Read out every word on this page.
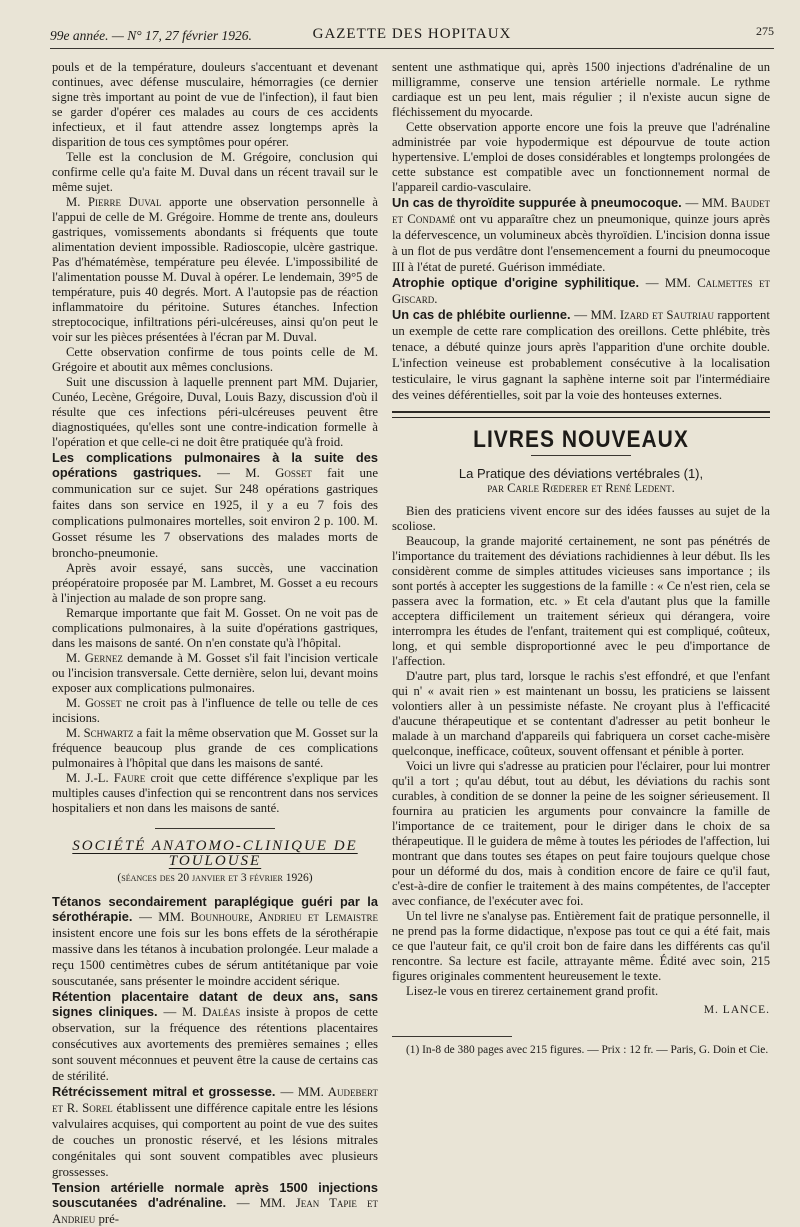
99e année. — N° 17, 27 février 1926.	GAZETTE DES HOPITAUX	275

pouls et de la température, douleurs s'accentuant et devenant continues, avec défense musculaire, hémorragies (ce dernier signe très important au point de vue de l'infection), il faut bien se garder d'opérer ces malades au cours de ces accidents infectieux, et il faut attendre assez longtemps après la disparition de tous ces symptômes pour opérer.

Telle est la conclusion de M. Grégoire, conclusion qui confirme celle qu'a faite M. Duval dans un récent travail sur le même sujet.

M. Pierre Duval apporte une observation personnelle à l'appui de celle de M. Grégoire. Homme de trente ans, douleurs gastriques, vomissements abondants si fréquents que toute alimentation devient impossible. Radioscopie, ulcère gastrique. Pas d'hématémèse, température peu élevée. L'impossibilité de l'alimentation pousse M. Duval à opérer. Le lendemain, 39°5 de température, puis 40 degrés. Mort. A l'autopsie pas de réaction inflammatoire du péritoine. Sutures étanches. Infection streptococique, infiltrations péri-ulcéreuses, ainsi qu'on peut le voir sur les pièces présentées à l'écran par M. Duval.

Cette observation confirme de tous points celle de M. Grégoire et aboutit aux mêmes conclusions.

Suit une discussion à laquelle prennent part MM. Dujarier, Cunéo, Lecène, Grégoire, Duval, Louis Bazy, discussion d'où il résulte que ces infections péri-ulcéreuses peuvent être diagnostiquées, qu'elles sont une contre-indication formelle à l'opération et que celle-ci ne doit être pratiquée qu'à froid.

Les complications pulmonaires à la suite des opérations gastriques. — M. Gosset fait une communication sur ce sujet. Sur 248 opérations gastriques faites dans son service en 1925, il y a eu 7 fois des complications pulmonaires mortelles, soit environ 2 p. 100. M. Gosset résume les 7 observations des malades morts de broncho-pneumonie.

Après avoir essayé, sans succès, une vaccination préopératoire proposée par M. Lambret, M. Gosset a eu recours à l'injection au malade de son propre sang.

Remarque importante que fait M. Gosset. On ne voit pas de complications pulmonaires, à la suite d'opérations gastriques, dans les maisons de santé. On n'en constate qu'à l'hôpital.

M. Gernez demande à M. Gosset s'il fait l'incision verticale ou l'incision transversale. Cette dernière, selon lui, devant moins exposer aux complications pulmonaires.

M. Gosset ne croit pas à l'influence de telle ou telle de ces incisions.

M. Schwartz a fait la même observation que M. Gosset sur la fréquence beaucoup plus grande de ces complications pulmonaires à l'hôpital que dans les maisons de santé.

M. J.-L. Faure croit que cette différence s'explique par les multiples causes d'infection qui se rencontrent dans nos services hospitaliers et non dans les maisons de santé.

SOCIÉTÉ ANATOMO-CLINIQUE DE TOULOUSE
(séances des 20 janvier et 3 février 1926)

Tétanos secondairement paraplégique guéri par la sérothérapie. — MM. Bounhoure, Andrieu et Lemaistre insistent encore une fois sur les bons effets de la sérothérapie massive dans les tétanos à incubation prolongée. Leur malade a reçu 1500 centimètres cubes de sérum antitétanique par voie souscutanée, sans présenter le moindre accident sérique.

Rétention placentaire datant de deux ans, sans signes cliniques. — M. Daléas insiste à propos de cette observation, sur la fréquence des rétentions placentaires consécutives aux avortements des premières semaines ; elles sont souvent méconnues et peuvent être la cause de certains cas de stérilité.

Rétrécissement mitral et grossesse. — MM. Audebert et R. Sorel établissent une différence capitale entre les lésions valvulaires acquises, qui comportent au point de vue des suites de couches un pronostic réservé, et les lésions mitrales congénitales qui sont souvent compatibles avec plusieurs grossesses.

Tension artérielle normale après 1500 injections souscutanées d'adrénaline. — MM. Jean Tapie et Andrieu pré-

sentent une asthmatique qui, après 1500 injections d'adrénaline de un milligramme, conserve une tension artérielle normale. Le rythme cardiaque est un peu lent, mais régulier ; il n'existe aucun signe de fléchissement du myocarde.

Cette observation apporte encore une fois la preuve que l'adrénaline administrée par voie hypodermique est dépourvue de toute action hypertensive. L'emploi de doses considérables et longtemps prolongées de cette substance est compatible avec un fonctionnement normal de l'appareil cardio-vasculaire.

Un cas de thyroïdite suppurée à pneumocoque. — MM. Baudet et Condamé ont vu apparaître chez un pneumonique, quinze jours après la défervescence, un volumineux abcès thyroïdien. L'incision donna issue à un flot de pus verdâtre dont l'ensemencement a fourni du pneumocoque III à l'état de pureté. Guérison immédiate.

Atrophie optique d'origine syphilitique. — MM. Calmettes et Giscard.

Un cas de phlébite ourlienne. — MM. Izard et Sautriau rapportent un exemple de cette rare complication des oreillons. Cette phlébite, très tenace, a débuté quinze jours après l'apparition d'une orchite double. L'infection veineuse est probablement consécutive à la localisation testiculaire, le virus gagnant la saphène interne soit par l'intermédiaire des veines déférentielles, soit par la voie des honteuses externes.

LIVRES NOUVEAUX
La Pratique des déviations vertébrales (1),
par Carle Rœderer et René Ledent.

Bien des praticiens vivent encore sur des idées fausses au sujet de la scoliose.

Beaucoup, la grande majorité certainement, ne sont pas pénétrés de l'importance du traitement des déviations rachidiennes à leur début. Ils les considèrent comme de simples attitudes vicieuses sans importance ; ils sont portés à accepter les suggestions de la famille : « Ce n'est rien, cela se passera avec la formation, etc. » Et cela d'autant plus que la famille acceptera difficilement un traitement sérieux qui dérangera, voire interrompra les études de l'enfant, traitement qui est compliqué, coûteux, long, et qui semble disproportionné avec le peu d'importance de l'affection.

D'autre part, plus tard, lorsque le rachis s'est effondré, et que l'enfant qui n' « avait rien » est maintenant un bossu, les praticiens se laissent volontiers aller à un pessimiste néfaste. Ne croyant plus à l'efficacité d'aucune thérapeutique et se contentant d'adresser au petit bonheur le malade à un marchand d'appareils qui fabriquera un corset cache-misère quelconque, inefficace, coûteux, souvent offensant et pénible à porter.

Voici un livre qui s'adresse au praticien pour l'éclairer, pour lui montrer qu'il a tort ; qu'au début, tout au début, les déviations du rachis sont curables, à condition de se donner la peine de les soigner sérieusement. Il fournira au praticien les arguments pour convaincre la famille de l'importance de ce traitement, pour le diriger dans le choix de sa thérapeutique. Il le guidera de même à toutes les périodes de l'affection, lui montrant que dans toutes ses étapes on peut faire toujours quelque chose pour un déformé du dos, mais à condition encore de faire ce qu'il faut, c'est-à-dire de confier le traitement à des mains compétentes, de l'accepter avec confiance, de l'exécuter avec foi.

Un tel livre ne s'analyse pas. Entièrement fait de pratique personnelle, il ne prend pas la forme didactique, n'expose pas tout ce qui a été fait, mais ce que l'auteur fait, ce qu'il croit bon de faire dans les différents cas qu'il rencontre. Sa lecture est facile, attrayante même. Édité avec soin, 215 figures originales commentent heureusement le texte.

Lisez-le vous en tirerez certainement grand profit.

M. LANCE.
(1) In-8 de 380 pages avec 215 figures. — Prix : 12 fr. — Paris, G. Doin et Cie.
